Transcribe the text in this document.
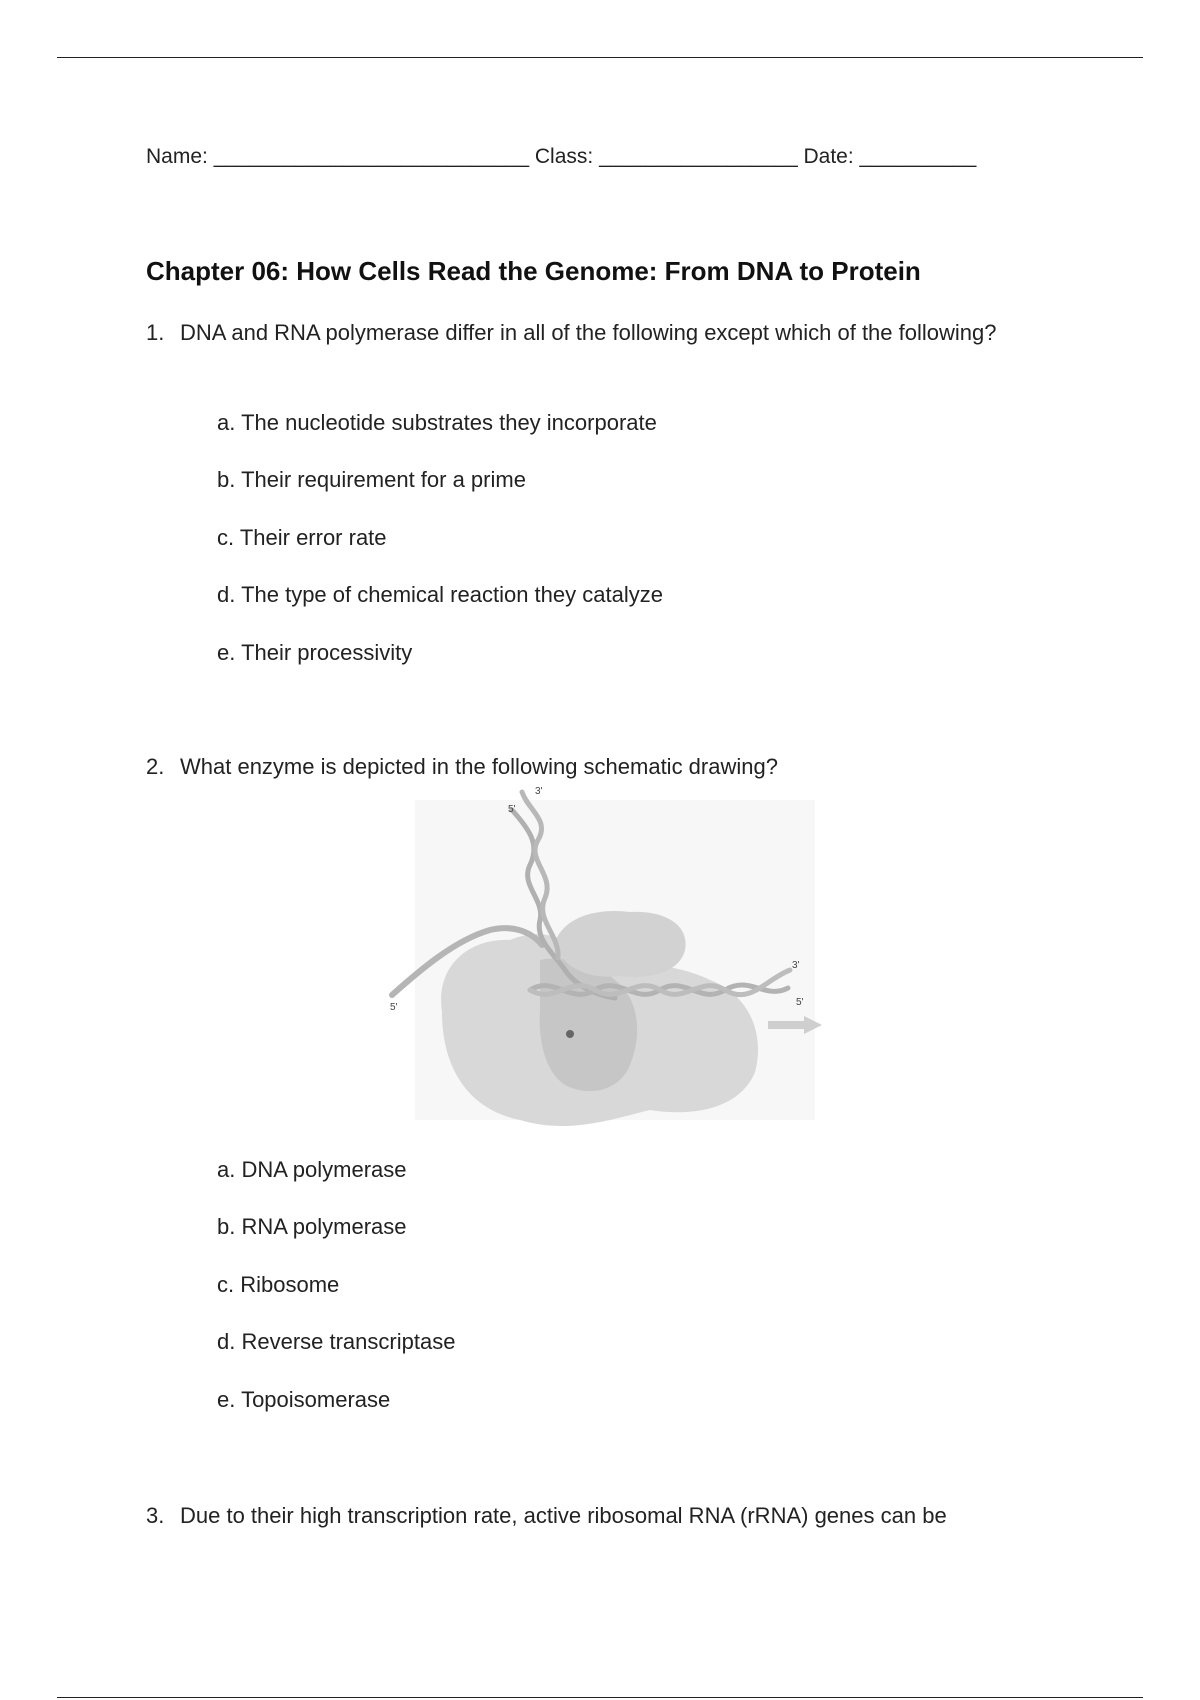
Name: ___________________________ Class: _________________ Date: __________
Chapter 06: How Cells Read the Genome: From DNA to Protein
1. DNA and RNA polymerase differ in all of the following except which of the following?
a. The nucleotide substrates they incorporate
b. Their requirement for a prime
c. Their error rate
d. The type of chemical reaction they catalyze
e. Their processivity
2. What enzyme is depicted in the following schematic drawing?
5'
3'
5'
3'
5'
a. DNA polymerase
b. RNA polymerase
c. Ribosome
d. Reverse transcriptase
e. Topoisomerase
3. Due to their high transcription rate, active ribosomal RNA (rRNA) genes can be
